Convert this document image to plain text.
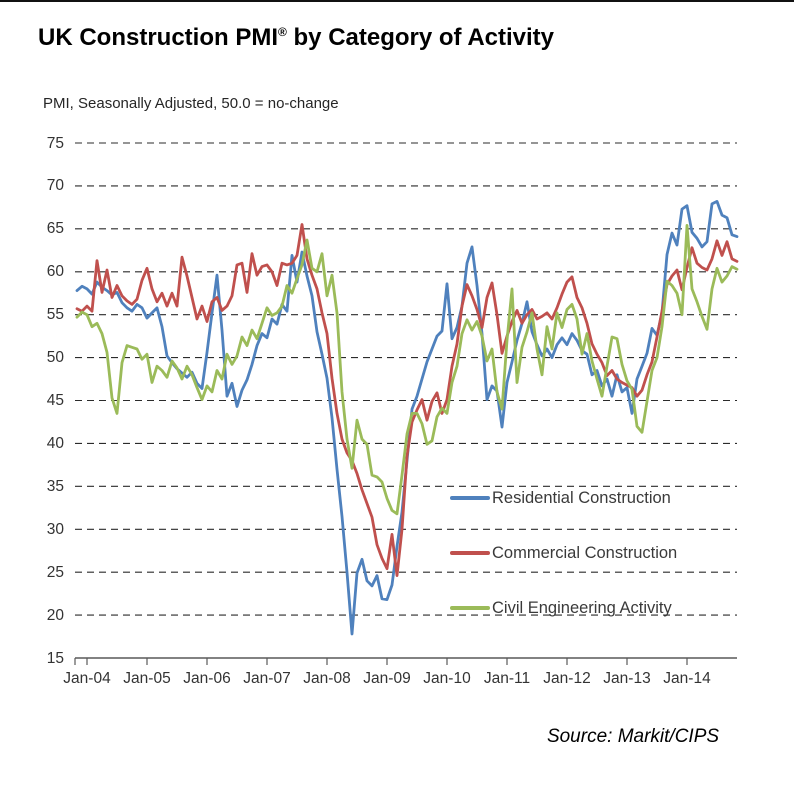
UK Construction PMI® by Category of Activity
PMI, Seasonally Adjusted, 50.0 = no-change
75
70
65
60
55
50
45
40
35
30
25
20
15
Jan-04 Jan-05 Jan-06 Jan-07 Jan-08 Jan-09 Jan-10 Jan-11 Jan-12 Jan-13 Jan-14
Residential Construction
Commercial Construction
Civil Engineering Activity
Source: Markit/CIPS
